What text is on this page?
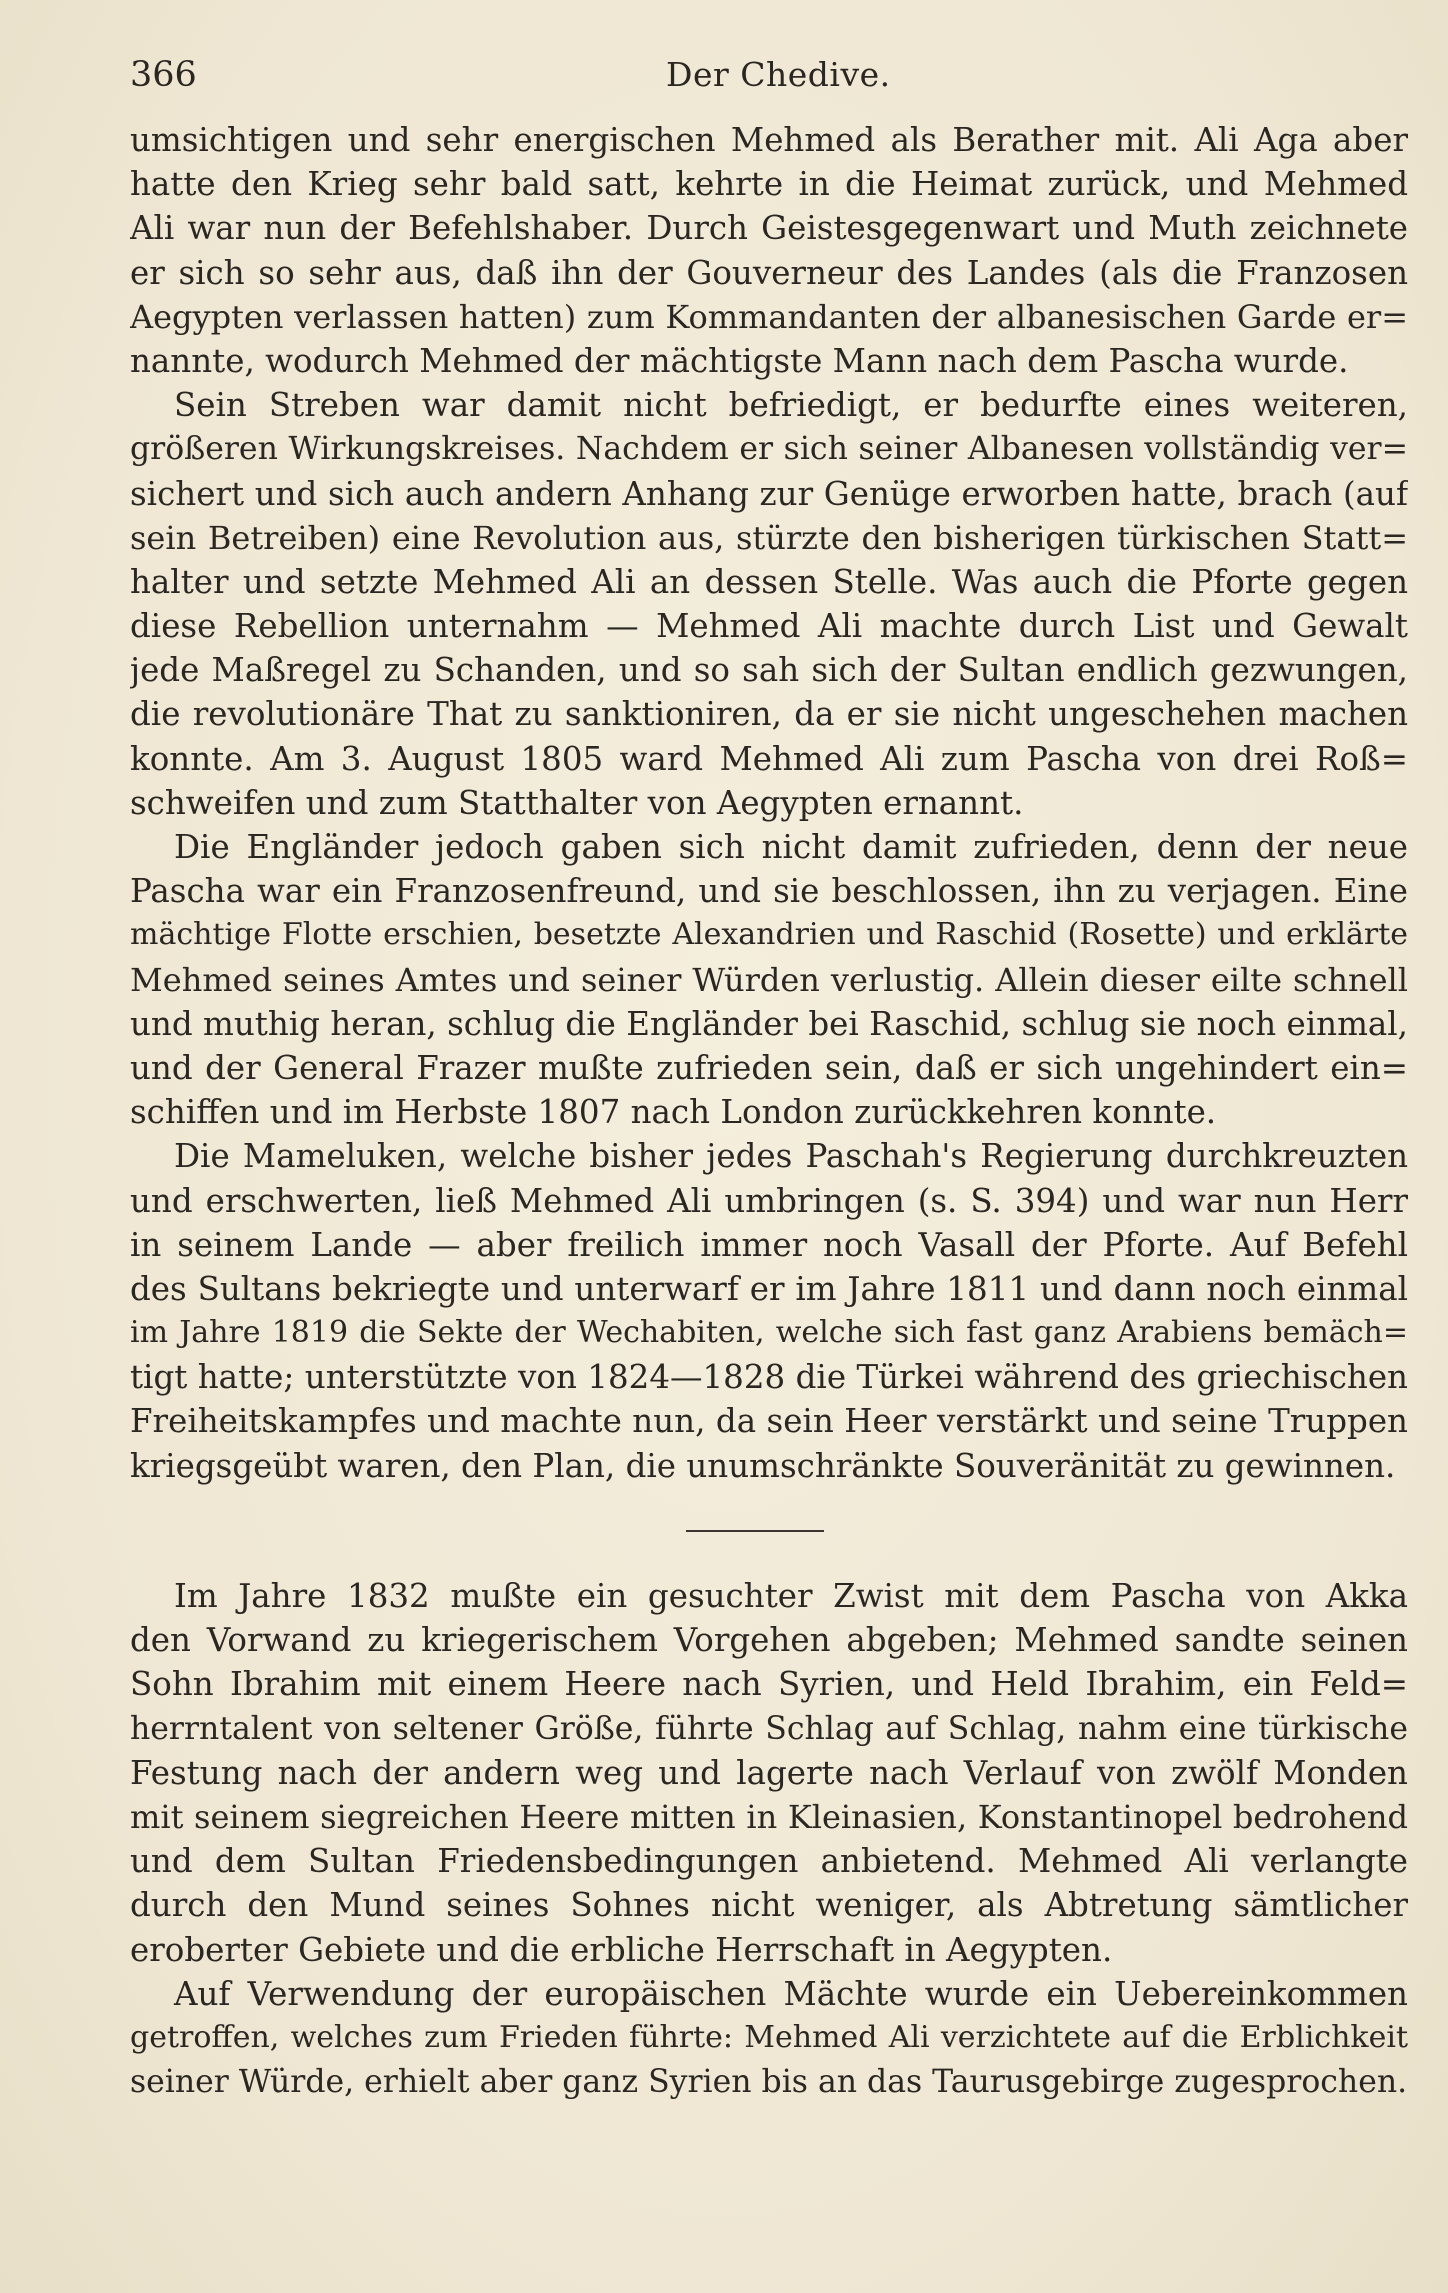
366	Der Chedive.
umsichtigen und sehr energischen Mehmed als Berather mit. Ali Aga aber
hatte den Krieg sehr bald satt, kehrte in die Heimat zurück, und Mehmed
Ali war nun der Befehlshaber. Durch Geistesgegenwart und Muth zeichnete
er sich so sehr aus, daß ihn der Gouverneur des Landes (als die Franzosen
Aegypten verlassen hatten) zum Kommandanten der albanesischen Garde er=
nannte, wodurch Mehmed der mächtigste Mann nach dem Pascha wurde.
Sein Streben war damit nicht befriedigt, er bedurfte eines weiteren,
größeren Wirkungskreises. Nachdem er sich seiner Albanesen vollständig ver=
sichert und sich auch andern Anhang zur Genüge erworben hatte, brach (auf
sein Betreiben) eine Revolution aus, stürzte den bisherigen türkischen Statt=
halter und setzte Mehmed Ali an dessen Stelle. Was auch die Pforte gegen
diese Rebellion unternahm — Mehmed Ali machte durch List und Gewalt
jede Maßregel zu Schanden, und so sah sich der Sultan endlich gezwungen,
die revolutionäre That zu sanktioniren, da er sie nicht ungeschehen machen
konnte. Am 3. August 1805 ward Mehmed Ali zum Pascha von drei Roß=
schweifen und zum Statthalter von Aegypten ernannt.
Die Engländer jedoch gaben sich nicht damit zufrieden, denn der neue
Pascha war ein Franzosenfreund, und sie beschlossen, ihn zu verjagen. Eine
mächtige Flotte erschien, besetzte Alexandrien und Raschid (Rosette) und erklärte
Mehmed seines Amtes und seiner Würden verlustig. Allein dieser eilte schnell
und muthig heran, schlug die Engländer bei Raschid, schlug sie noch einmal,
und der General Frazer mußte zufrieden sein, daß er sich ungehindert ein=
schiffen und im Herbste 1807 nach London zurückkehren konnte.
Die Mameluken, welche bisher jedes Paschah's Regierung durchkreuzten
und erschwerten, ließ Mehmed Ali umbringen (s. S. 394) und war nun Herr
in seinem Lande — aber freilich immer noch Vasall der Pforte. Auf Befehl
des Sultans bekriegte und unterwarf er im Jahre 1811 und dann noch einmal
im Jahre 1819 die Sekte der Wechabiten, welche sich fast ganz Arabiens bemäch=
tigt hatte; unterstützte von 1824—1828 die Türkei während des griechischen
Freiheitskampfes und machte nun, da sein Heer verstärkt und seine Truppen
kriegsgeübt waren, den Plan, die unumschränkte Souveränität zu gewinnen.
Im Jahre 1832 mußte ein gesuchter Zwist mit dem Pascha von Akka
den Vorwand zu kriegerischem Vorgehen abgeben; Mehmed sandte seinen
Sohn Ibrahim mit einem Heere nach Syrien, und Held Ibrahim, ein Feld=
herrntalent von seltener Größe, führte Schlag auf Schlag, nahm eine türkische
Festung nach der andern weg und lagerte nach Verlauf von zwölf Monden
mit seinem siegreichen Heere mitten in Kleinasien, Konstantinopel bedrohend
und dem Sultan Friedensbedingungen anbietend. Mehmed Ali verlangte
durch den Mund seines Sohnes nicht weniger, als Abtretung sämtlicher
eroberter Gebiete und die erbliche Herrschaft in Aegypten.
Auf Verwendung der europäischen Mächte wurde ein Uebereinkommen
getroffen, welches zum Frieden führte: Mehmed Ali verzichtete auf die Erblichkeit
seiner Würde, erhielt aber ganz Syrien bis an das Taurusgebirge zugesprochen.
